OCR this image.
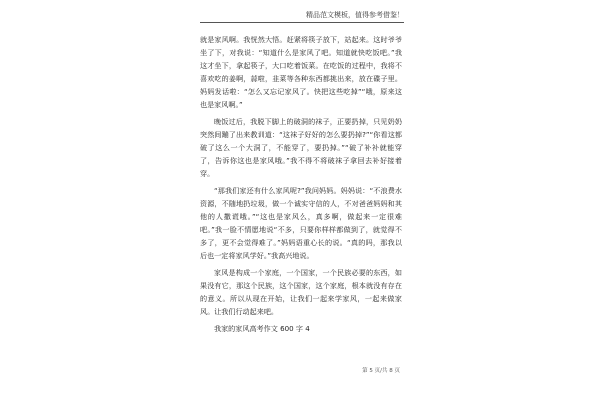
精品范文模板，值得参考借鉴！

就是家风啊。我恍然大悟。赶紧将筷子放下，站起来。这时爷爷坐了下，对我说：“知道什么是家风了吧。知道就快吃饭吧。”我这才坐下，拿起筷子，大口吃着饭菜。在吃饭的过程中，我将不喜欢吃的姜啊，蒜啦，韭菜等各种东西都挑出来，放在碟子里。妈妈发话啦：“怎么又忘记家风了。快把这些吃掉”“哦，原来这也是家风啊。”

晚饭过后，我脱下脚上的破洞的袜子，正要扔掉，只见奶奶突然间蹦了出来教训道：“这袜子好好的怎么要扔掉?”“你看这都破了这么一个大洞了，不能穿了，要扔掉。”“破了补补就能穿了，告诉你这也是家风哦。”我不得不将破袜子拿回去补好接着穿。

“那我们家还有什么家风呢?”我问妈妈。妈妈说：“不浪费水资源，不随地扔垃圾，做一个诚实守信的人，不对爸爸妈妈和其他的人撒谎哦。”“这也是家风么，真多啊，做起来一定很难吧。”我一脸不情愿地说“不多，只要你样样都做到了，就觉得不多了，更不会觉得难了。”妈妈语重心长的说。“真的吗，那我以后也一定将家风学好。”我高兴地说。

家风是构成一个家庭，一个国家，一个民族必要的东西，如果没有它，那这个民族，这个国家，这个家庭，根本就没有存在的意义。所以从现在开始，让我们一起来学家风，一起来做家风。让我们行动起来吧。

我家的家风高考作文 600 字 4

第 5 页/共 8 页
